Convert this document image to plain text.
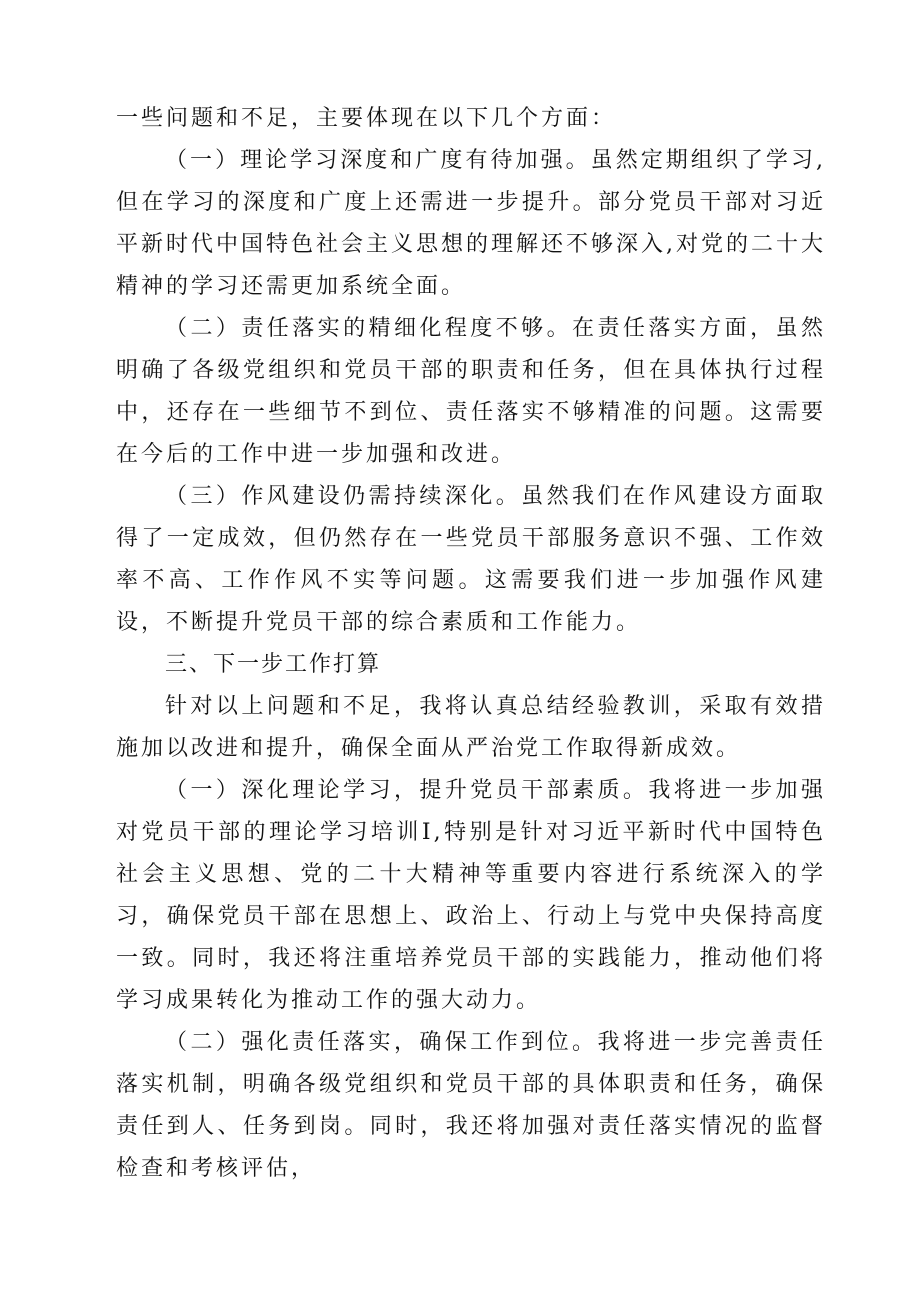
一些问题和不足，主要体现在以下几个方面：

（一）理论学习深度和广度有待加强。虽然定期组织了学习,但在学习的深度和广度上还需进一步提升。部分党员干部对习近平新时代中国特色社会主义思想的理解还不够深入,对党的二十大精神的学习还需更加系统全面。

（二）责任落实的精细化程度不够。在责任落实方面，虽然明确了各级党组织和党员干部的职责和任务，但在具体执行过程中，还存在一些细节不到位、责任落实不够精准的问题。这需要在今后的工作中进一步加强和改进。

（三）作风建设仍需持续深化。虽然我们在作风建设方面取得了一定成效，但仍然存在一些党员干部服务意识不强、工作效率不高、工作作风不实等问题。这需要我们进一步加强作风建设，不断提升党员干部的综合素质和工作能力。

三、下一步工作打算

针对以上问题和不足，我将认真总结经验教训，采取有效措施加以改进和提升，确保全面从严治党工作取得新成效。

（一）深化理论学习，提升党员干部素质。我将进一步加强对党员干部的理论学习培训I,特别是针对习近平新时代中国特色社会主义思想、党的二十大精神等重要内容进行系统深入的学习，确保党员干部在思想上、政治上、行动上与党中央保持高度一致。同时，我还将注重培养党员干部的实践能力，推动他们将学习成果转化为推动工作的强大动力。

（二）强化责任落实，确保工作到位。我将进一步完善责任落实机制，明确各级党组织和党员干部的具体职责和任务，确保责任到人、任务到岗。同时，我还将加强对责任落实情况的监督检查和考核评估，
